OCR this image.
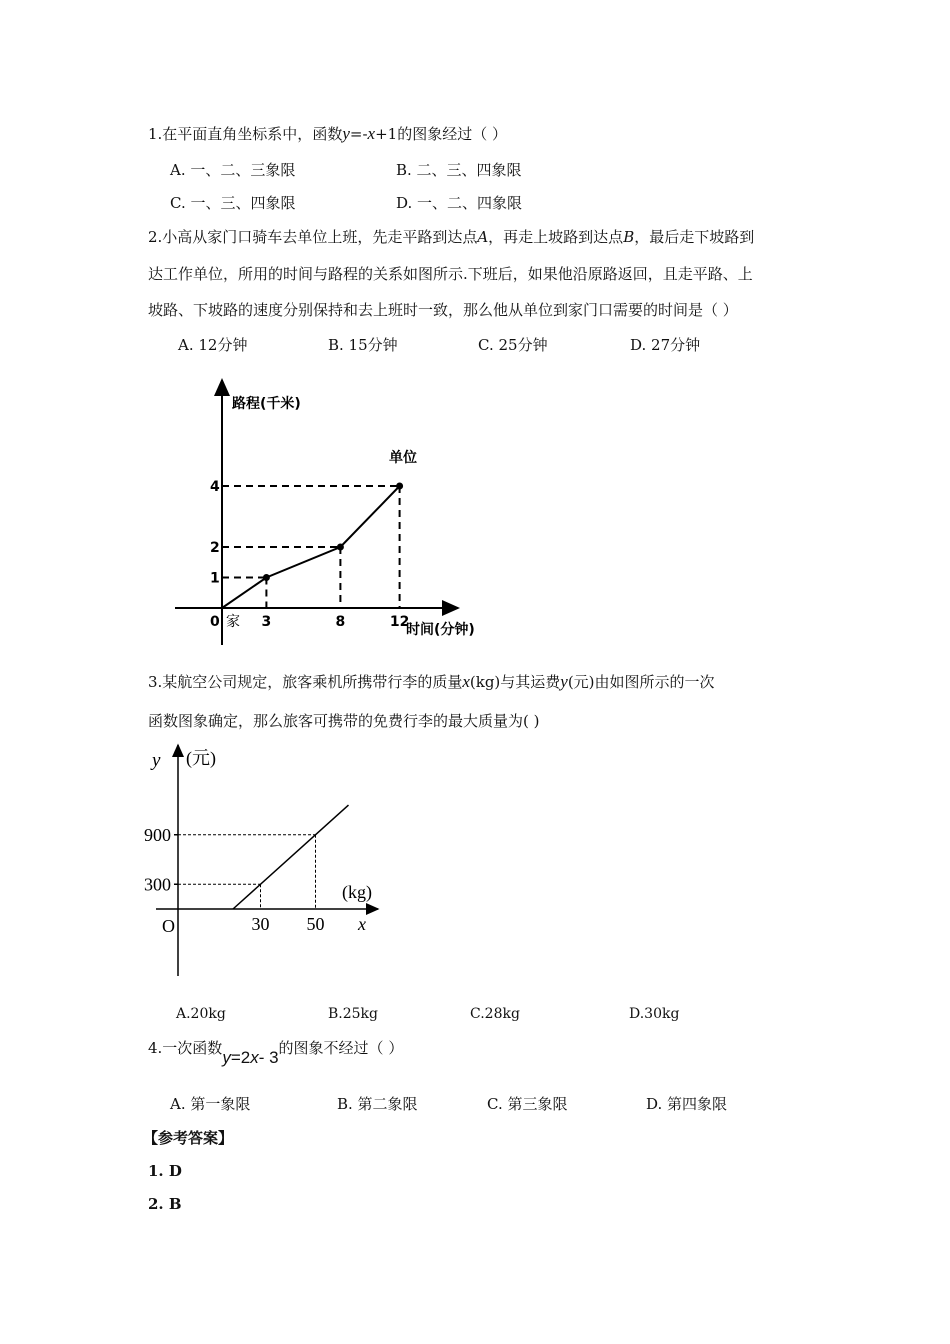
1.在平面直角坐标系中，函数y=-x+1的图象经过（ ）
A. 一、二、三象限	B. 二、三、四象限
C. 一、三、四象限	D. 一、二、四象限
2.小高从家门口骑车去单位上班，先走平路到达点A，再走上坡路到达点B，最后走下坡路到
达工作单位，所用的时间与路程的关系如图所示.下班后，如果他沿原路返回，且走平路、上
坡路、下坡路的速度分别保持和去上班时一致，那么他从单位到家门口需要的时间是（ ）
A. 12分钟	B. 15分钟	C. 25分钟	D. 27分钟
3	8	12
1
2
4
路程(千米)
时间(分钟)
0 家
单位
3.某航空公司规定，旅客乘机所携带行李的质量x(kg)与其运费y(元)由如图所示的一次
函数图象确定，那么旅客可携带的免费行李的最大质量为( )
30 50
900
300
y (元)
(kg)
x
O
A.20kg	B.25kg	C.28kg	D.30kg
4.一次函数y=2x- 3的图象不经过（ ）
A. 第一象限	B. 第二象限	C. 第三象限	D. 第四象限
【参考答案】
1. D
2. B
